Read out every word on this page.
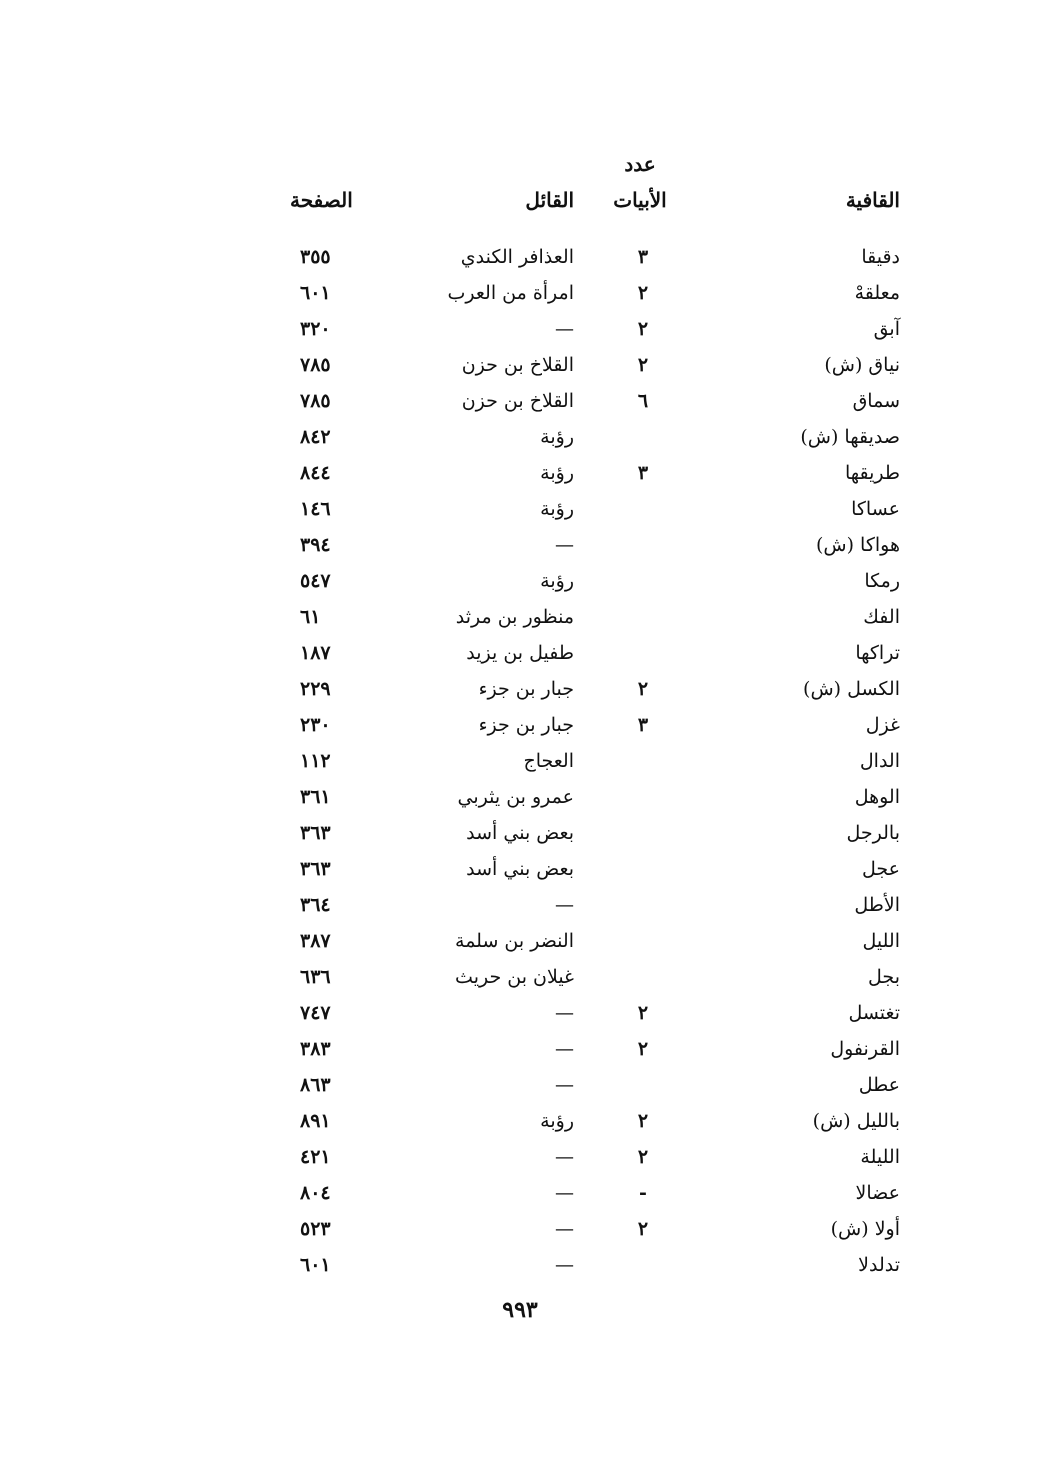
القافية
عدد
الأبيات
القائل
الصفحة
دقيقا
٣
العذافر الكندي
٣٥٥
معلقهْ
٢
امرأة من العرب
٦٠١
آبق
٢
—
٣٢٠
نياق (ش)
٢
القلاخ بن حزن
٧٨٥
سماق
٦
القلاخ بن حزن
٧٨٥
صديقها (ش)
رؤبة
٨٤٢
طريقها
٣
رؤبة
٨٤٤
عساكا
رؤبة
١٤٦
هواكا (ش)
—
٣٩٤
رمكا
رؤبة
٥٤٧
الفك
منظور بن مرثد
٦١
تراكها
طفيل بن يزيد
١٨٧
الكسل (ش)
٢
جبار بن جزء
٢٢٩
غزل
٣
جبار بن جزء
٢٣٠
الدال
العجاج
١١٢
الوهل
عمرو بن يثربي
٣٦١
بالرجل
بعض بني أسد
٣٦٣
عجل
بعض بني أسد
٣٦٣
الأطل
—
٣٦٤
الليل
النضر بن سلمة
٣٨٧
بجل
غيلان بن حريث
٦٣٦
تغتسل
٢
—
٧٤٧
القرنفول
٢
—
٣٨٣
عطل
—
٨٦٣
بالليل (ش)
٢
رؤبة
٨٩١
الليلة
٢
—
٤٢١
عضالا
-
—
٨٠٤
أولا (ش)
٢
—
٥٢٣
تدلدلا
—
٦٠١
٩٩٣
